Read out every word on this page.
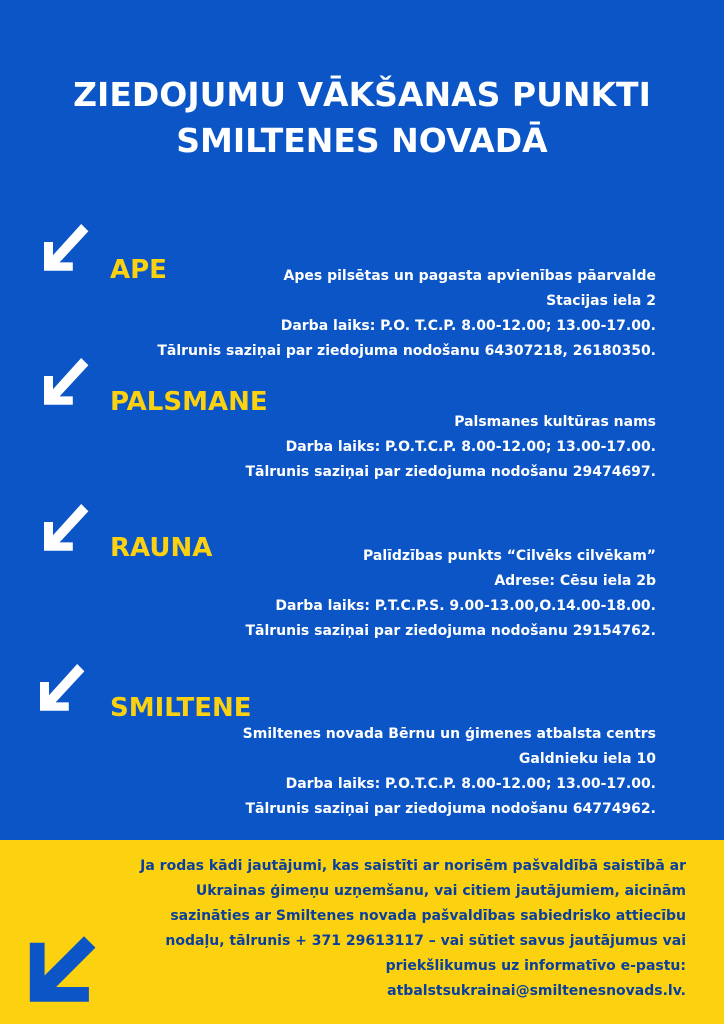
ZIEDOJUMU VĀKŠANAS PUNKTI
SMILTENES NOVADĀ
APE	Apes pilsētas un pagasta apvienības pāarvalde
Stacijas iela 2
Darba laiks: P.O. T.C.P. 8.00-12.00; 13.00-17.00.
Tālrunis saziņai par ziedojuma nodošanu 64307218, 26180350.
PALSMANE
Palsmanes kultūras nams
Darba laiks: P.O.T.C.P. 8.00-12.00; 13.00-17.00.
Tālrunis saziņai par ziedojuma nodošanu 29474697.
RAUNA	Palīdzības punkts “Cilvēks cilvēkam”
Adrese: Cēsu iela 2b
Darba laiks: P.T.C.P.S. 9.00-13.00,O.14.00-18.00.
Tālrunis saziņai par ziedojuma nodošanu 29154762.
SMILTENE
Smiltenes novada Bērnu un ģimenes atbalsta centrs
Galdnieku iela 10
Darba laiks: P.O.T.C.P. 8.00-12.00; 13.00-17.00.
Tālrunis saziņai par ziedojuma nodošanu 64774962.
Ja rodas kādi jautājumi, kas saistīti ar norisēm pašvaldībā saistībā ar
Ukrainas ģimeņu uzņemšanu, vai citiem jautājumiem, aicinām
sazināties ar Smiltenes novada pašvaldības sabiedrisko attiecību
nodaļu, tālrunis + 371 29613117 – vai sūtiet savus jautājumus vai
priekšlikumus uz informatīvo e-pastu:
atbalstsukrainai@smiltenesnovads.lv.
